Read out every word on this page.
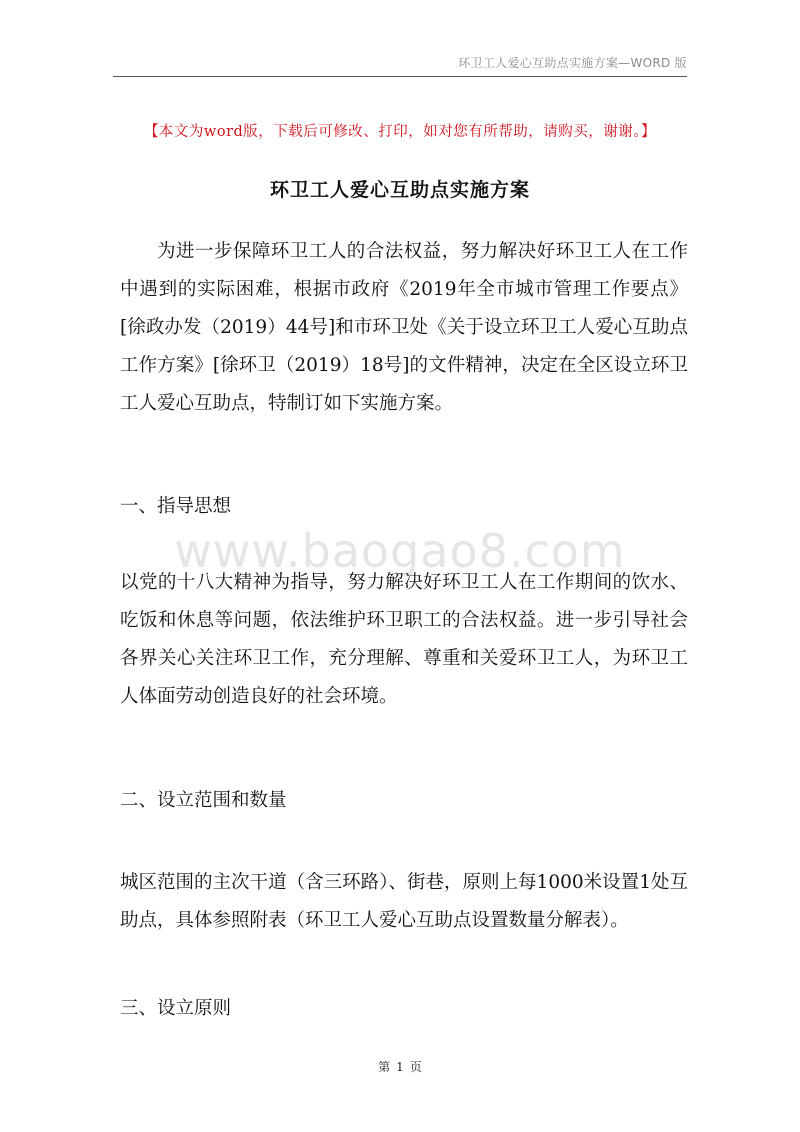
环卫工人爱心互助点实施方案—WORD 版
【本文为word版，下载后可修改、打印，如对您有所帮助，请购买，谢谢。】
环卫工人爱心互助点实施方案

为进一步保障环卫工人的合法权益，努力解决好环卫工人在工作中遇到的实际困难，根据市政府《2019年全市城市管理工作要点》[徐政办发（2019）44号]和市环卫处《关于设立环卫工人爱心互助点工作方案》[徐环卫（2019）18号]的文件精神，决定在全区设立环卫工人爱心互助点，特制订如下实施方案。

一、指导思想

www.baogao8.com

以党的十八大精神为指导，努力解决好环卫工人在工作期间的饮水、吃饭和休息等问题，依法维护环卫职工的合法权益。进一步引导社会各界关心关注环卫工作，充分理解、尊重和关爱环卫工人，为环卫工人体面劳动创造良好的社会环境。

二、设立范围和数量

城区范围的主次干道（含三环路）、街巷，原则上每1000米设置1处互助点，具体参照附表（环卫工人爱心互助点设置数量分解表）。

三、设立原则

第 1 页
